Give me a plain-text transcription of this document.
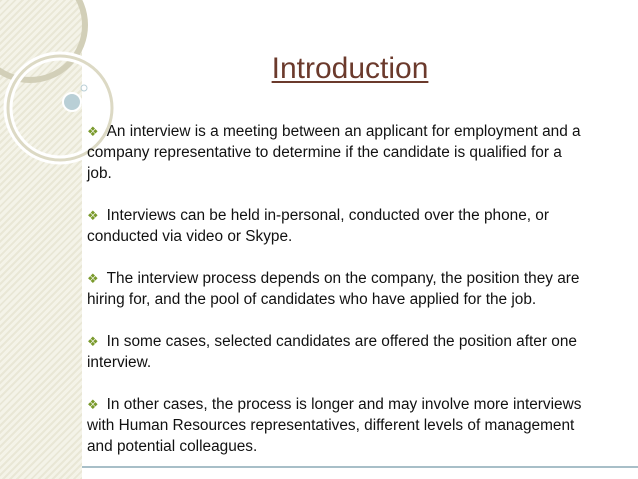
Introduction

❖ An interview is a meeting between an applicant for employment and a company representative to determine if the candidate is qualified for a job.

❖ Interviews can be held in-personal, conducted over the phone, or conducted via video or Skype.

❖ The interview process depends on the company, the position they are hiring for, and the pool of candidates who have applied for the job.

❖ In some cases, selected candidates are offered the position after one interview.

❖ In other cases, the process is longer and may involve more interviews with Human Resources representatives, different levels of management and potential colleagues.
